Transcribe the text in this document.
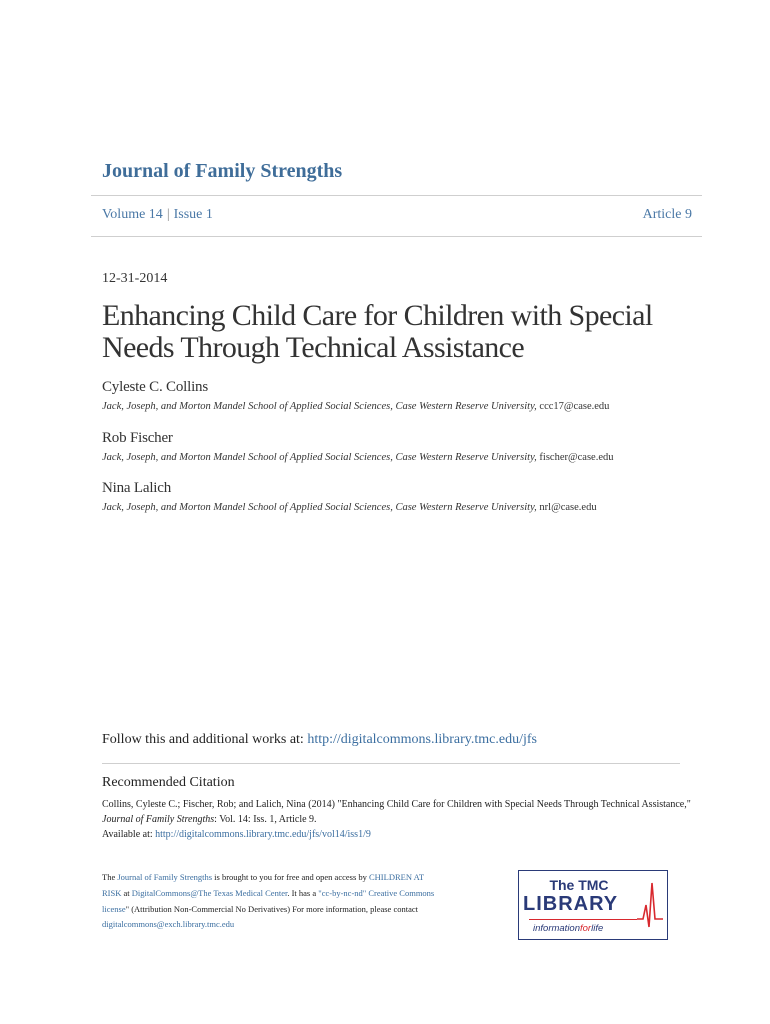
Journal of Family Strengths
Volume 14 | Issue 1	Article 9
12-31-2014
Enhancing Child Care for Children with Special Needs Through Technical Assistance
Cyleste C. Collins
Jack, Joseph, and Morton Mandel School of Applied Social Sciences, Case Western Reserve University, ccc17@case.edu
Rob Fischer
Jack, Joseph, and Morton Mandel School of Applied Social Sciences, Case Western Reserve University, fischer@case.edu
Nina Lalich
Jack, Joseph, and Morton Mandel School of Applied Social Sciences, Case Western Reserve University, nrl@case.edu
Follow this and additional works at: http://digitalcommons.library.tmc.edu/jfs
Recommended Citation
Collins, Cyleste C.; Fischer, Rob; and Lalich, Nina (2014) "Enhancing Child Care for Children with Special Needs Through Technical Assistance," Journal of Family Strengths: Vol. 14: Iss. 1, Article 9.
Available at: http://digitalcommons.library.tmc.edu/jfs/vol14/iss1/9
The Journal of Family Strengths is brought to you for free and open access by CHILDREN AT RISK at DigitalCommons@The Texas Medical Center. It has a "cc-by-nc-nd" Creative Commons license" (Attribution Non-Commercial No Derivatives) For more information, please contact digitalcommons@exch.library.tmc.edu
The TMC
LIBRARY
informationforlife
